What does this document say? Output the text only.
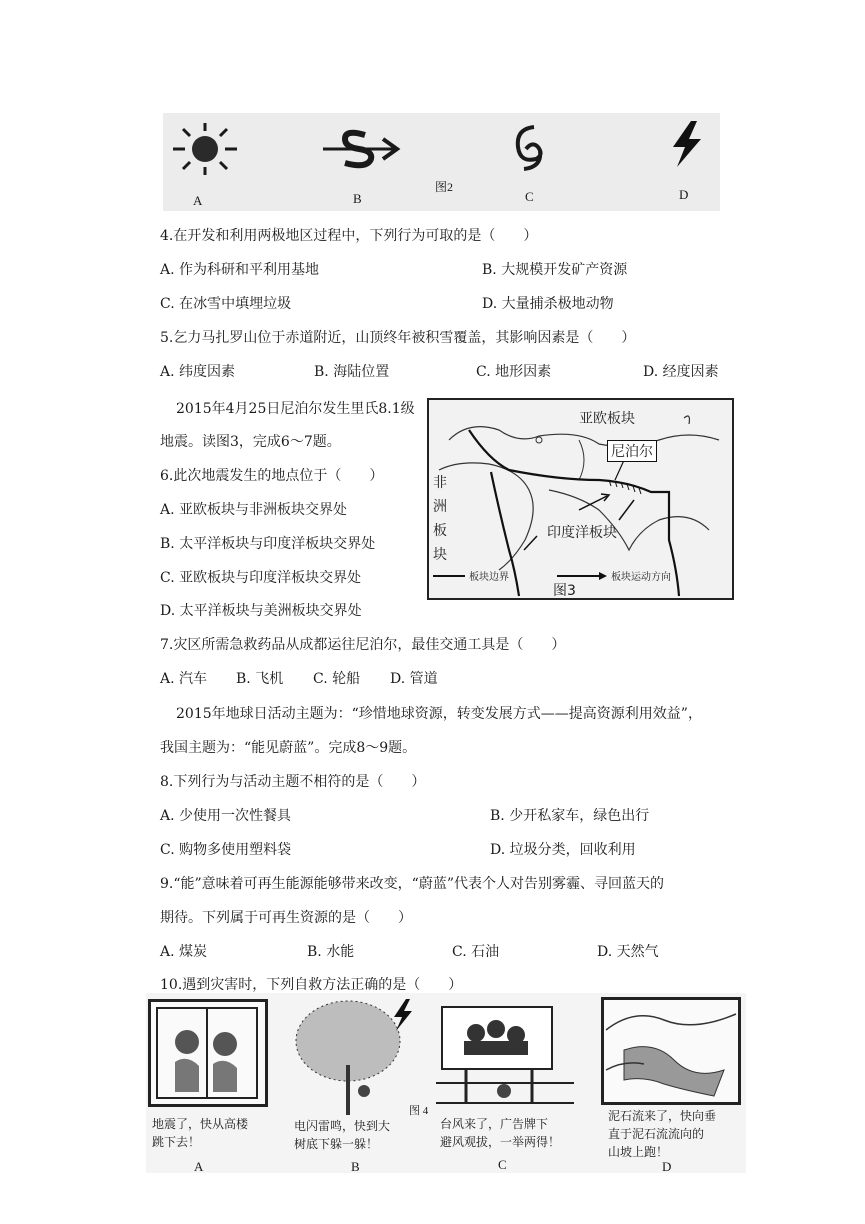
A	B
图2
C	D
4.在开发和利用两极地区过程中，下列行为可取的是（　　）
A. 作为科研和平利用基地	B. 大规模开发矿产资源
C. 在冰雪中填埋垃圾	D. 大量捕杀极地动物
5.乞力马扎罗山位于赤道附近，山顶终年被积雪覆盖，其影响因素是（　　）
A. 纬度因素	B. 海陆位置	C. 地形因素	D. 经度因素
2015年4月25日尼泊尔发生里氏8.1级
地震。读图3，完成6～7题。
6.此次地震发生的地点位于（　　）
A. 亚欧板块与非洲板块交界处
B. 太平洋板块与印度洋板块交界处
C. 亚欧板块与印度洋板块交界处
D. 太平洋板块与美洲板块交界处
亚欧板块
尼泊尔
非
洲
板
块
印度洋板块
板块边界	板块运动方向
图3
7.灾区所需急救药品从成都运往尼泊尔，最佳交通工具是（　　）
A. 汽车 B. 飞机 C. 轮船 D. 管道
2015年地球日活动主题为：“珍惜地球资源，转变发展方式——提高资源利用效益”，
我国主题为：“能见蔚蓝”。完成8～9题。
8.下列行为与活动主题不相符的是（　　）
A. 少使用一次性餐具	B. 少开私家车，绿色出行
C. 购物多使用塑料袋	D. 垃圾分类，回收利用
9.“能”意味着可再生能源能够带来改变，“蔚蓝”代表个人对告别雾霾、寻回蓝天的
期待。下列属于可再生资源的是（　　）
A. 煤炭	B. 水能	C. 石油	D. 天然气
10.遇到灾害时，下列自救方法正确的是（　　）
图 4
地震了，快从高楼
跳下去！
电闪雷鸣，快到大
树底下躲一躲！
台风来了，广告牌下
避风观拔，一举两得！
泥石流来了，快向垂
直于泥石流流向的
山坡上跑！
A	B	C	D
